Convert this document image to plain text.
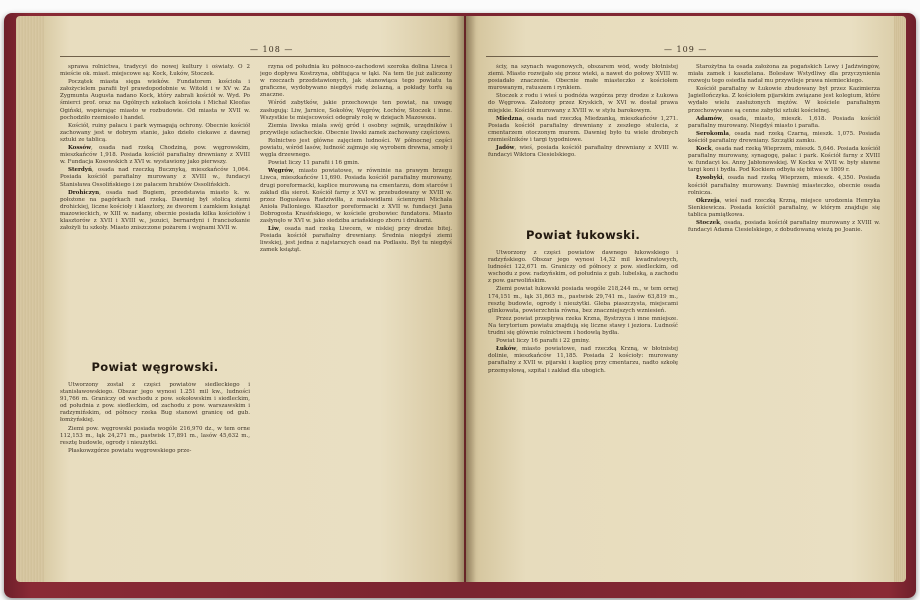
— 108 —

sprawa rolnictwa, tradycyi do nowej kultury i oświaty. O 2 mieście ok. miast. miejscowe są: Kock, Łuków, Stoczek.

Początek miasta sięga wieków. Fundatorem kościoła i założycielem parafii był prawdopodobnie w. Witold i w XV w. Za Zygmunta Augusta nadano Kock, który zabrali kościół w. Wyd. Po śmierci prof. oraz na Ogólnych szkołach kościoła i Michał Kleofas Ogiński, wspierając miasto w rozbudowie. Od miasta w XVII w. pochodziło rzemiosło i handel.

Kościół, ruiny pałacu i park wymagają ochrony. Obecnie kościół zachowany jest w dobrym stanie, jako dzieło ciekawe z dawnej sztuki ze tablicą.

Kossów, osada nad rzeką Chodziną, pow. węgrowskim, mieszkańców 1,918. Posiada kościół parafialny drewniany z XVIII w. Fundacja Kosowskich z XVI w. wystawiony jako pierwszy.

Sterdyń, osada nad rzeczką Bucznyką, mieszkańców 1,064. Posiada kościół parafialny murowany z XVIII w., fundacyi Stanisława Ossolińskiego i ze pałacem hrabiów Ossolińskich.

Drohiczyn, osada nad Bugiem, przedstawia miasto k. w. położone na pagórkach nad rzeką. Dawniej był stolicą ziemi drohickiej, liczne kościoły i klasztory, ze dworem i zamkiem książąt mazowieckich, w XIII w. nadany, obecnie posiada kilka kościołów i klasztorów z XVII i XVIII w., jezuici, bernardyni i franciszkanie założyli tu szkoły. Miasto zniszczone pożarem i wojnami XVII w.

Powiat węgrowski.

Utworzony został z części powiatów siedleckiego i stanisławowskiego. Obszar jego wynosi 1.251 mil kw., ludności 91,766 m. Graniczy od wschodu z pow. sokołowskim i siedleckim, od południa z pow. siedleckim, od zachodu z pow. warszawskim i radzymińskim, od północy rzeka Bug stanowi granicę od gub. łomżyńskiej.

Ziemi pow. węgrowski posiada wogóle 216,970 dz., w tem orne 112,153 m., łąk 24,271 m., pastwisk 17,891 m., lasów 45,632 m., resztę budowle, ogrody i nieużytki.

Płaskowzgórze powiatu węgrowskiego prze-

rzyna od południa ku północo-zachodowi szeroka dolina Liwca i jego dopływu Kostrzyna, obfitująca w łąki. Na tem tle już zaliczony w rzeczach przedstawionych, jak stanowiąca tego powiatu ta graficzne, wydobywano niegdyś rudę żelazną, a pokłady torfu są znaczne.

Wśród zabytków, jakie przechowuje ten powiat, na uwagę zasługują: Liw, Jarnice, Sokołów, Węgrów, Łochów, Stoczek i inne. Wszystkie te miejscowości odegrały rolę w dziejach Mazowsza.

Ziemia liwska miała swój gród i osobny sejmik, urzędników i przywileje szlacheckie. Obecnie liwski zamek zachowany częściowo.

Rolnictwo jest główne zajęciem ludności. W północnej części powiatu, wśród lasów, ludność zajmuje się wyrobem drewna, smoły i węgla drzewnego.

Powiat liczy 11 parafii i 16 gmin.

Węgrów, miasto powiatowe, w równinie na prawym brzegu Liwca, mieszkańców 11,690. Posiada kościół parafialny murowany, drugi poreformacki, kaplice murowaną na cmentarzu, dom starców i zakład dla sierot. Kościół farny z XVI w. przebudowany w XVIII w. przez Bogusława Radziwiłła, z malowidłami ściennymi Michała Anioła Palloniego. Klasztor poreformacki z XVII w. fundacyi Jana Dobrogosta Krasińskiego, w kościele grobowiec fundatora. Miasto zasłynęło w XVI w. jako siedziba ariańskiego zboru i drukarni.

Liw, osada nad rzeką Liwcem, w niskiej przy drodze bitej. Posiada kościół parafialny drewniany. Średnia niegdyś ziemi liwskiej, jest jedna z najstarszych osad na Podlasiu. Był tu niegdyś zamek książąt.

— 109 —

ściy, na szynach wagonowych, obszarem wód, wody błotnistej ziemi. Miasto rozwijało się przez wieki, a nawet do połowy XVIII w. posiadało znaczenie. Obecnie małe miasteczko z kościołem murowanym, ratuszem i rynkiem.

Stoczek z rodu i wieś u podnóża wzgórza przy drodze z Łukowa do Węgrowa. Założony przez Kryskich, w XVI w. dostał prawa miejskie. Kościół murowany z XVIII w. w stylu barokowym.

Miedzna, osada nad rzeczką Miedzanką, mieszkańców 1,271. Posiada kościół parafialny drewniany z zeszłego stulecia, z cmentarzem otoczonym murem. Dawniej było tu wiele drobnych rzemieślników i targi tygodniowe.

Jadów, wieś, posiada kościół parafialny drewniany z XVIII w. fundacyi Wiktora Ciesielskiego.

Powiat łukowski.

Utworzony z części powiatów dawnego łukowskiego i radzyńskiego. Obszar jego wynosi 14,32 mil kwadratowych, ludności 122,671 m. Graniczy od północy z pow. siedleckim, od wschodu z pow. radzyńskim, od południa z gub. lubelską, a zachodu z pow. garwolińskim.

Ziemi powiat łukowski posiada wogóle 218,244 m., w tem ornej 174,151 m., łąk 31,863 m., pastwisk 29,741 m., lasów 63,819 m., resztę budowle, ogrody i nieużytki. Gleba piaszczysta, miejscami glinkowata, powierzchnia równa, bez znaczniejszych wzniesień.

Przez powiat przepływa rzeka Krzna, Bystrzyca i inne mniejsze. Na terytorium powiatu znajdują się liczne stawy i jeziora. Ludność trudni się głównie rolnictwem i hodowlą bydła.

Powiat liczy 16 parafii i 22 gminy.

Łuków, miasto powiatowe, nad rzeczką Krzną, w błotnistej dolinie, mieszkańców 11,185. Posiada 2 kościoły: murowany parafialny z XVII w. pijarski i kaplicę przy cmentarzu, nadto szkołę przemysłową, szpital i zakład dla ubogich.

Starożytna ta osada założona za pogańskich Lewy i Jadźwingów, miała zamek i kasztelana. Bolesław Wstydliwy dla przyczynienia rozwoju tego osiedla nadał mu przywileje prawa niemieckiego.

Kościół parafialny w Łukowie zbudowany był przez Kazimierza Jagiellończyka. Z kościołem pijarskim związane jest kolegium, które wydało wielu zasłużonych mężów. W kościele parafialnym przechowywane są cenne zabytki sztuki kościelnej.

Adamów, osada, miasto, mieszk. 1,618. Posiada kościół parafialny murowany. Niegdyś miasto i parafia.

Serokomla, osada nad rzeką Czarną, mieszk. 1,075. Posiada kościół parafialny drewniany. Szczątki zamku.

Kock, osada nad rzeką Wieprzem, mieszk. 5,646. Posiada kościół parafialny murowany, synagogę, pałac i park. Kościół farny z XVIII w. fundacyi ks. Anny Jabłonowskiej. W Kocku w XVII w. były sławne targi koni i bydła. Pod Kockiem odbyła się bitwa w 1809 r.

Łysobyki, osada nad rzeką Wieprzem, mieszk. 4,350. Posiada kościół parafialny murowany. Dawniej miasteczko, obecnie osada rolnicza.

Okrzeja, wieś nad rzeczką Krzną, miejsce urodzenia Henryka Sienkiewicza. Posiada kościół parafialny, w którym znajduje się tablica pamiątkowa.

Stoczek, osada, posiada kościół parafialny murowany z XVIII w. fundacyi Adama Ciesielskiego, z dobudowaną wieżą po Joanie.
